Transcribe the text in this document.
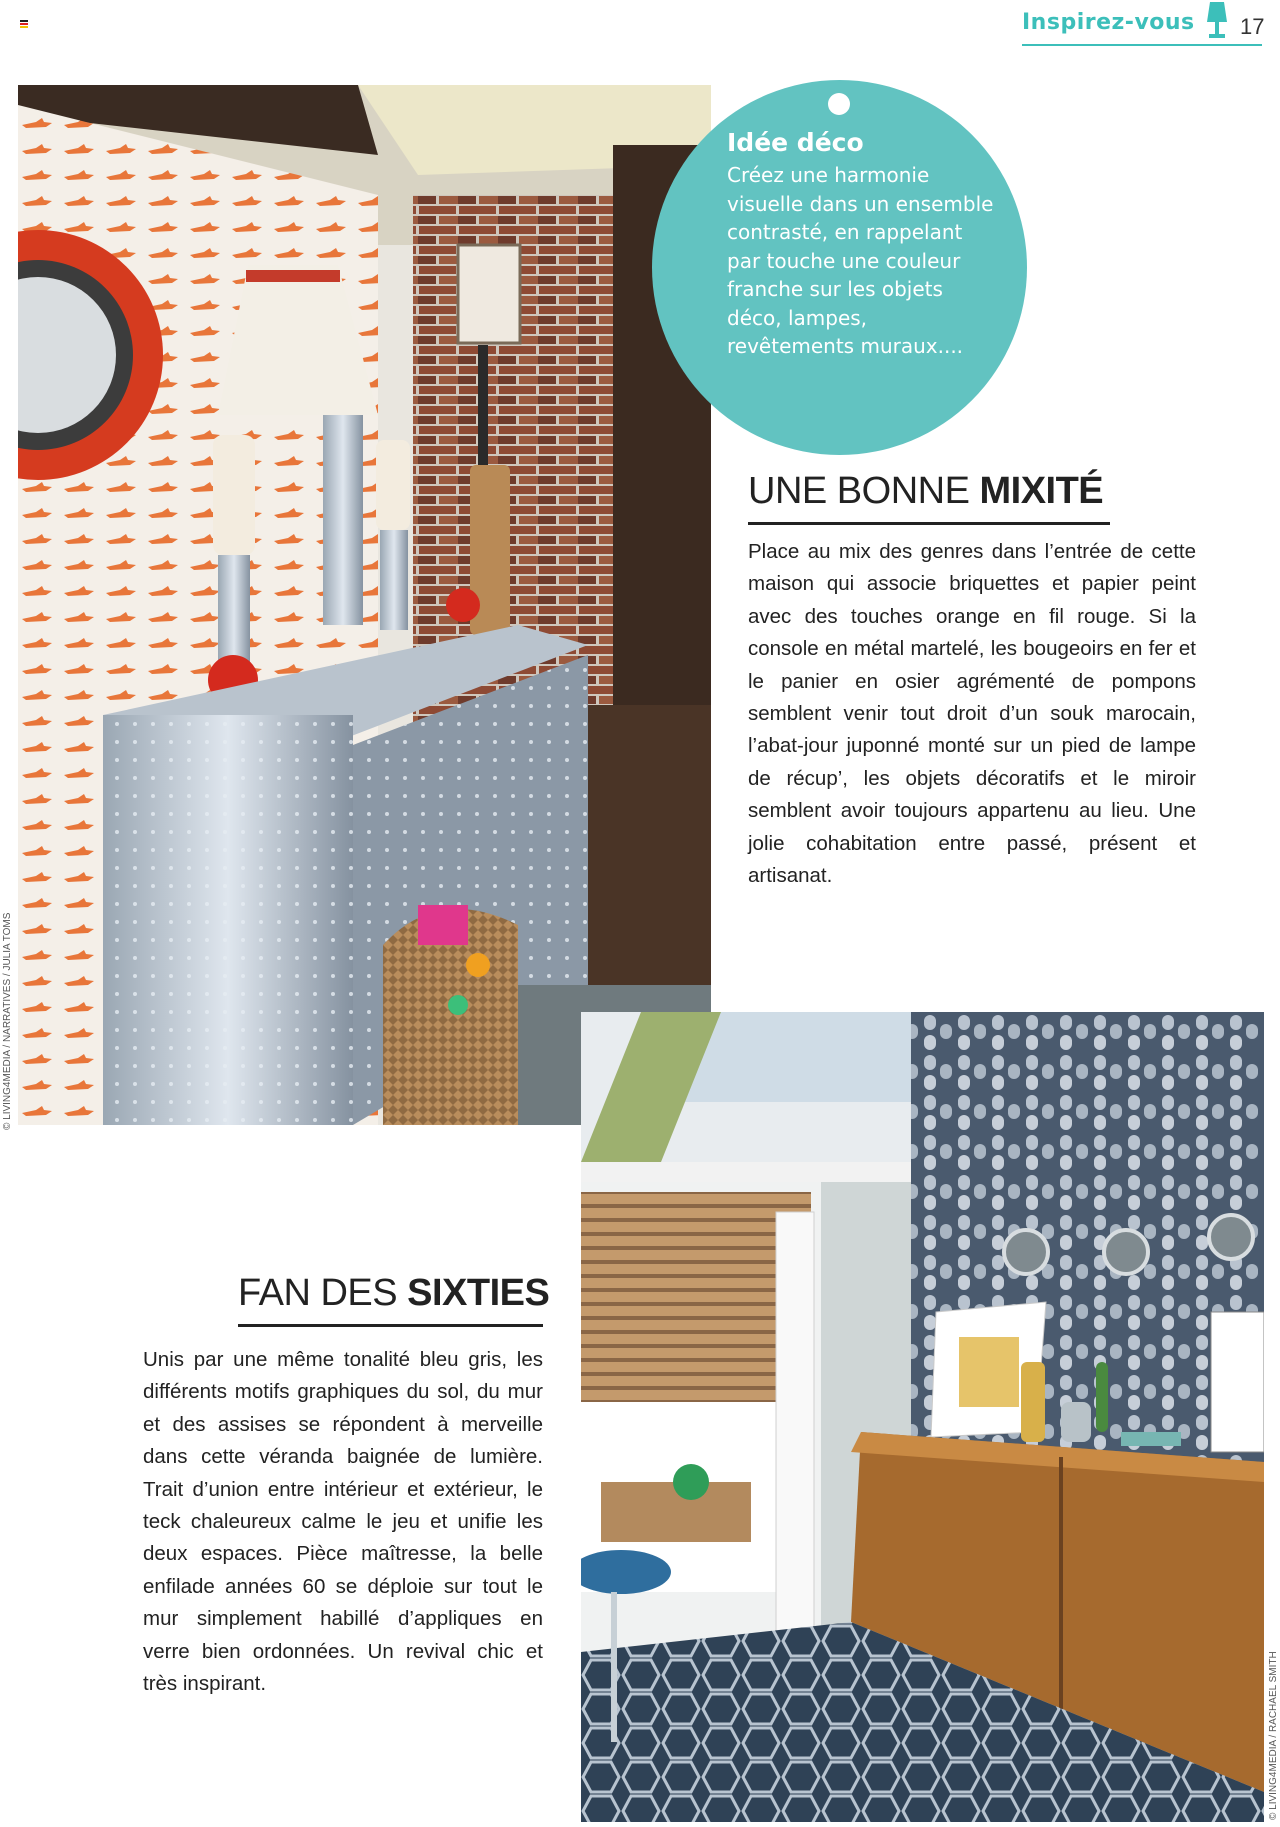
Inspirez-vous 17
© LIVING4MEDIA / NARRATIVES / JULIA TOMS
© LIVING4MEDIA / RACHAEL SMITH
Idée déco
Créez une harmonie visuelle dans un ensemble contrasté, en rappelant par touche une couleur franche sur les objets déco, lampes, revêtements muraux....
UNE BONNE MIXITÉ
Place au mix des genres dans l’entrée de cette maison qui associe briquettes et papier peint avec des touches orange en fil rouge. Si la console en métal martelé, les bougeoirs en fer et le panier en osier agrémenté de pompons semblent venir tout droit d’un souk marocain, l’abat-jour juponné monté sur un pied de lampe de récup’, les objets décoratifs et le miroir semblent avoir toujours appartenu au lieu. Une jolie cohabitation entre passé, présent et artisanat.
FAN DES SIXTIES
Unis par une même tonalité bleu gris, les différents motifs graphiques du sol, du mur et des assises se répondent à merveille dans cette véranda baignée de lumière. Trait d’union entre intérieur et extérieur, le teck chaleureux calme le jeu et unifie les deux espaces. Pièce maîtresse, la belle enfilade années 60 se déploie sur tout le mur simplement habillé d’appliques en verre bien ordonnées. Un revival chic et très inspirant.
